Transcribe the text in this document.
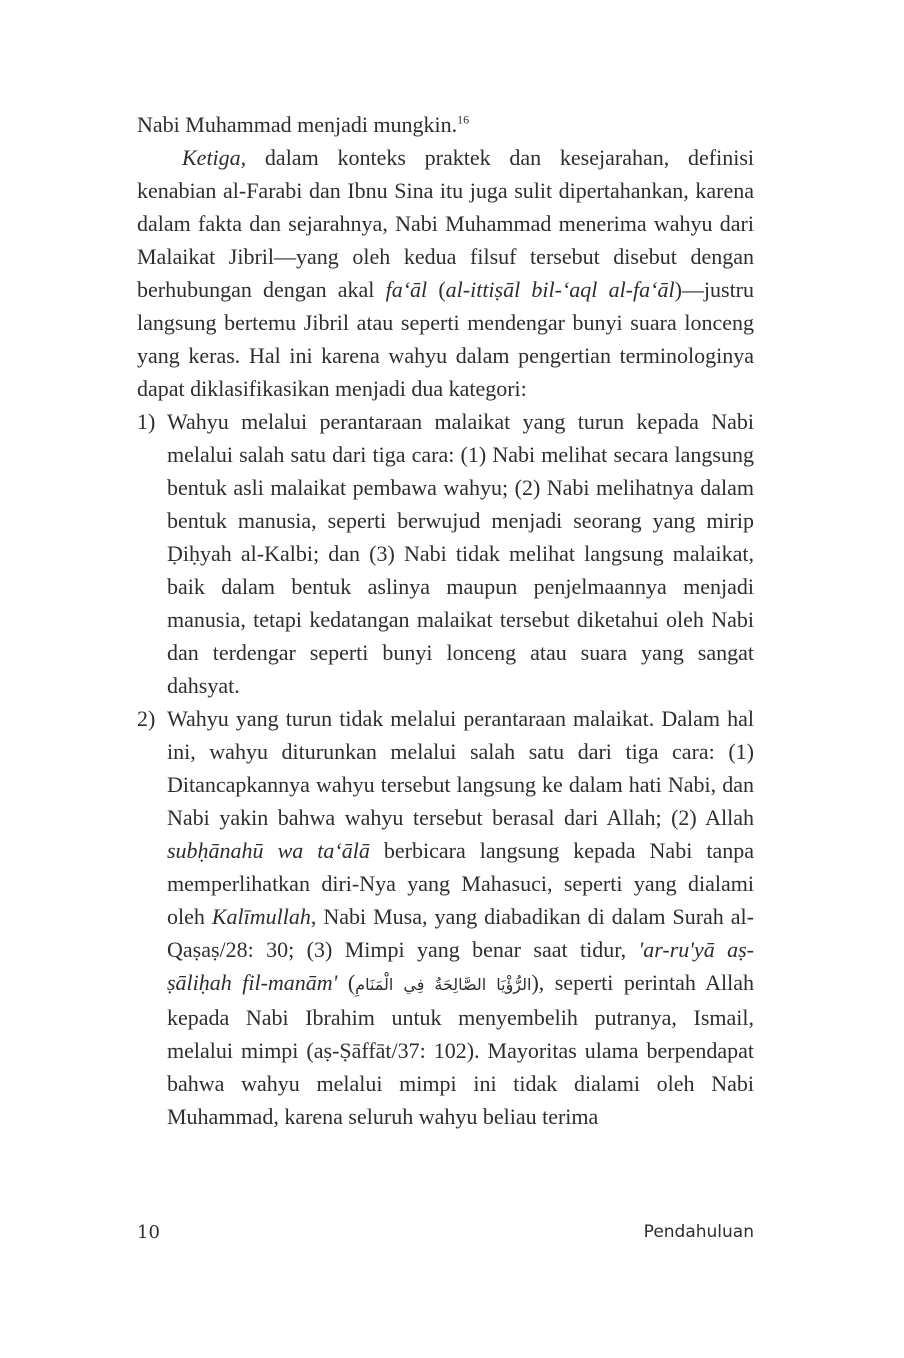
Nabi Muhammad menjadi mungkin.$^{16}$

Ketiga, dalam konteks praktek dan kesejarahan, definisi kenabian al-Farabi dan Ibnu Sina itu juga sulit dipertahankan, karena dalam fakta dan sejarahnya, Nabi Muhammad menerima wahyu dari Malaikat Jibril—yang oleh kedua filsuf tersebut disebut dengan berhubungan dengan akal fa‘āl (al-ittiṣāl bil-‘aql al-fa‘āl)—justru langsung bertemu Jibril atau seperti mendengar bunyi suara lonceng yang keras. Hal ini karena wahyu dalam pengertian terminologinya dapat diklasifikasikan menjadi dua kategori:

1) Wahyu melalui perantaraan malaikat yang turun kepada Nabi melalui salah satu dari tiga cara: (1) Nabi melihat secara langsung bentuk asli malaikat pembawa wahyu; (2) Nabi melihatnya dalam bentuk manusia, seperti berwujud menjadi seorang yang mirip Ḍiḥyah al-Kalbi; dan (3) Nabi tidak melihat langsung malaikat, baik dalam bentuk aslinya maupun penjelmaannya menjadi manusia, tetapi kedatangan malaikat tersebut diketahui oleh Nabi dan terdengar seperti bunyi lonceng atau suara yang sangat dahsyat.
2) Wahyu yang turun tidak melalui perantaraan malaikat. Dalam hal ini, wahyu diturunkan melalui salah satu dari tiga cara: (1) Ditancapkannya wahyu tersebut langsung ke dalam hati Nabi, dan Nabi yakin bahwa wahyu tersebut berasal dari Allah; (2) Allah subḥānahū wa ta‘ālā berbicara langsung kepada Nabi tanpa memperlihatkan diri-Nya yang Mahasuci, seperti yang dialami oleh Kalīmullah, Nabi Musa, yang diabadikan di dalam Surah al-Qaṣaṣ/28: 30; (3) Mimpi yang benar saat tidur, 'ar-ru'yā aṣ-ṣāliḥah fil-manām' (الرُّؤْيَا الصَّالِحَةُ فِي الْمَنَامِ), seperti perintah Allah kepada Nabi Ibrahim untuk menyembelih putranya, Ismail, melalui mimpi (aṣ-Ṣāffāt/37: 102). Mayoritas ulama berpendapat bahwa wahyu melalui mimpi ini tidak dialami oleh Nabi Muhammad, karena seluruh wahyu beliau terima
10	Pendahuluan
